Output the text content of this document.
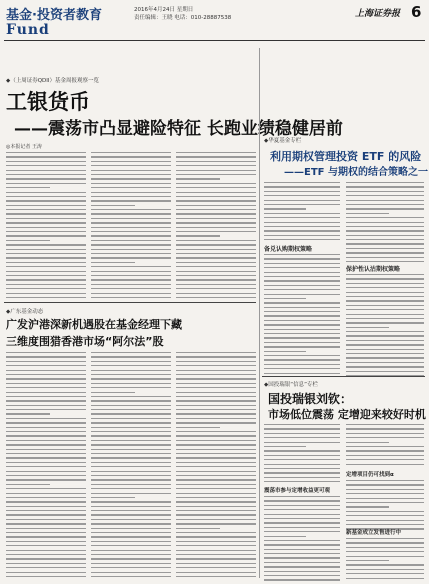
基金·投资者教育
Fund
2016年4月24日 星期日
责任编辑：王晓 电话：010-28887538	上海证券报 6
◆（上周证券QDII）基金周报观察一览
工银货币
——震荡市凸显避险特征 长跑业绩稳健居前
◎本报记者 王涛
◆广东基金动态
广发沪港深新机遇股在基金经理下藏
三维度围猎香港市场“阿尔法”股
◆华夏基金专栏
利用期权管理投资 ETF 的风险
——ETF 与期权的结合策略之一
备兑认购期权策略
保护性认沽期权策略
◆国投瑞银“信息”专栏
国投瑞银刘钦：
市场低位震荡 定增迎来较好时机
震荡市参与定增收益更可观
定增项目仍可找到α
新基金成立发售进行中
